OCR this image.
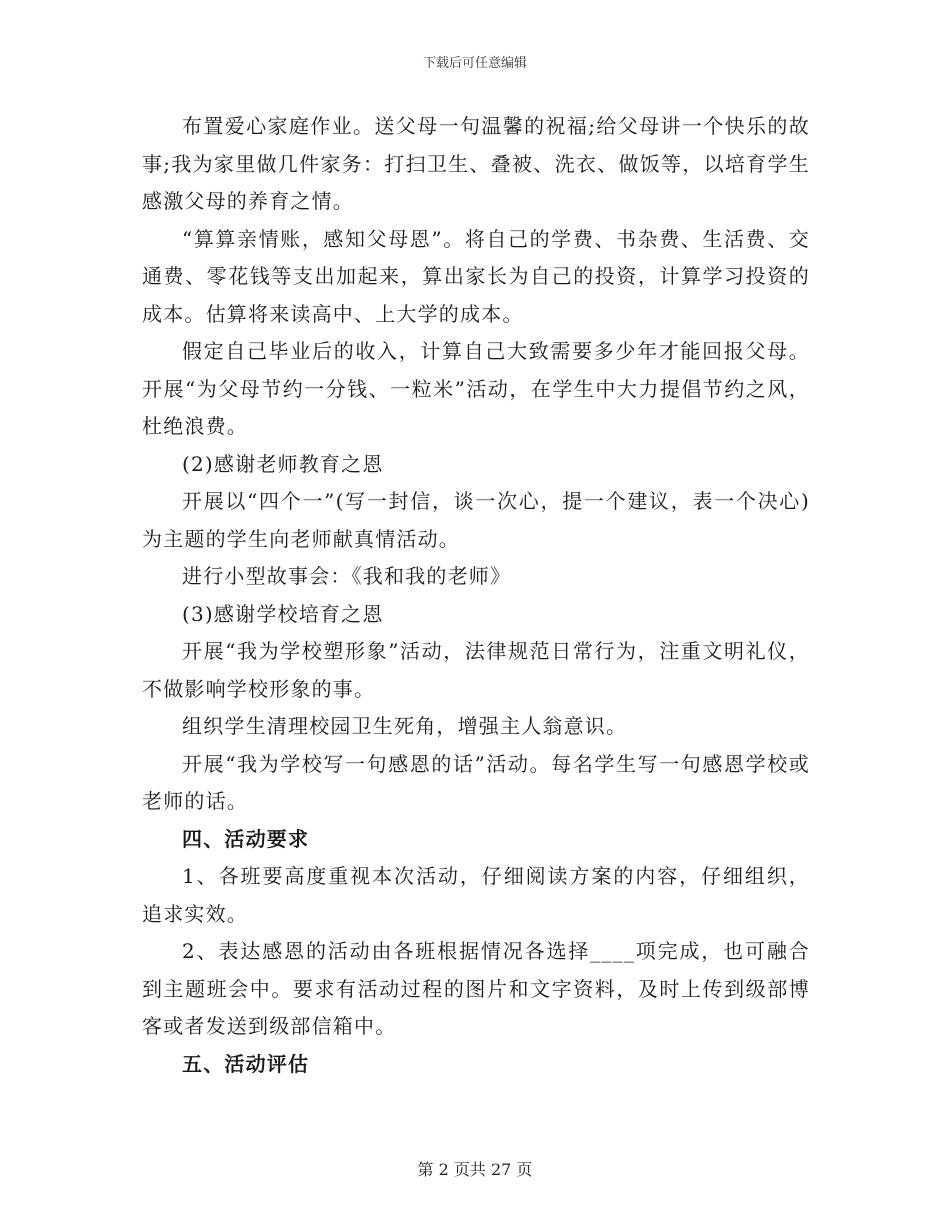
下载后可任意编辑

布置爱心家庭作业。送父母一句温馨的祝福;给父母讲一个快乐的故事;我为家里做几件家务：打扫卫生、叠被、洗衣、做饭等，以培育学生感激父母的养育之情。

“算算亲情账，感知父母恩”。将自己的学费、书杂费、生活费、交通费、零花钱等支出加起来，算出家长为自己的投资，计算学习投资的成本。估算将来读高中、上大学的成本。

假定自己毕业后的收入，计算自己大致需要多少年才能回报父母。开展“为父母节约一分钱、一粒米”活动，在学生中大力提倡节约之风，杜绝浪费。

(2)感谢老师教育之恩

开展以“四个一”(写一封信，谈一次心，提一个建议，表一个决心)为主题的学生向老师献真情活动。

进行小型故事会：《我和我的老师》

(3)感谢学校培育之恩

开展“我为学校塑形象”活动，法律规范日常行为，注重文明礼仪，不做影响学校形象的事。

组织学生清理校园卫生死角，增强主人翁意识。

开展“我为学校写一句感恩的话”活动。每名学生写一句感恩学校或老师的话。

四、活动要求

1、各班要高度重视本次活动，仔细阅读方案的内容，仔细组织，追求实效。

2、表达感恩的活动由各班根据情况各选择____项完成，也可融合到主题班会中。要求有活动过程的图片和文字资料，及时上传到级部博客或者发送到级部信箱中。

五、活动评估

第 2 页共 27 页
